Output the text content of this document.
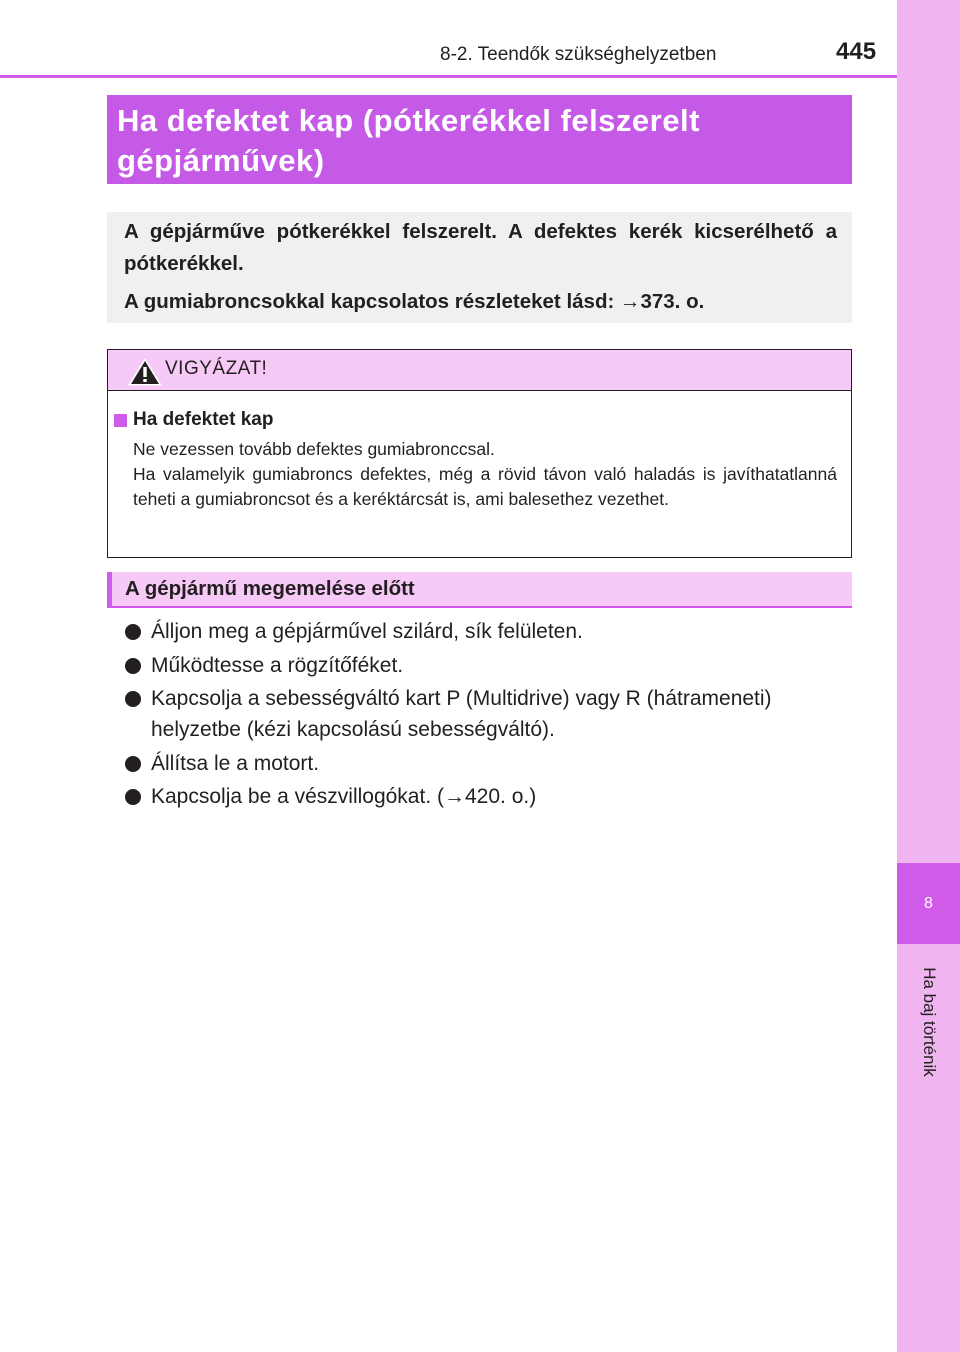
8
Ha baj történik
8-2. Teendők szükséghelyzetben	445
Ha defektet kap (pótkerékkel felszerelt gépjárművek)

A gépjárműve pótkerékkel felszerelt. A defektes kerék kicserélhető a pótkerékkel.

A gumiabroncsokkal kapcsolatos részleteket lásd: →373. o.

VIGYÁZAT!
Ha defektet kap

Ne vezessen tovább defektes gumiabronccsal.

Ha valamelyik gumiabroncs defektes, még a rövid távon való haladás is javíthatatlanná teheti a gumiabroncsot és a keréktárcsát is, ami balesethez vezethet.

A gépjármű megemelése előtt
Álljon meg a gépjárművel szilárd, sík felületen.
Működtesse a rögzítőféket.
Kapcsolja a sebességváltó kart P (Multidrive) vagy R (hátrameneti) helyzetbe (kézi kapcsolású sebességváltó).
Állítsa le a motort.
Kapcsolja be a vészvillogókat. (→420. o.)
